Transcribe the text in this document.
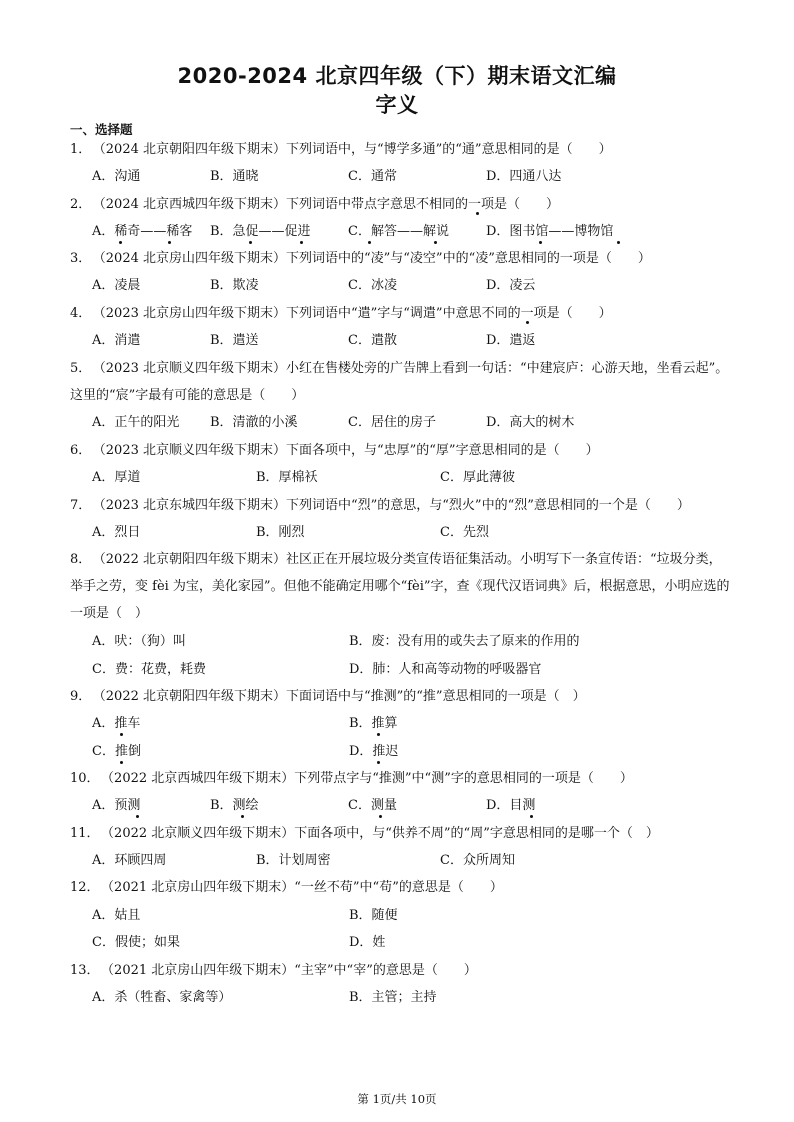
2020-2024 北京四年级（下）期末语文汇编
字义
一、选择题
1． （2024 北京朝阳四年级下期末）下列词语中，与“博学多通”的“通”意思相同的是（　　）
A．沟通	B．通晓	C．通常	D．四通八达
2． （2024 北京西城四年级下期末）下列词语中带点字意思不相同的一项是（　　）
A．稀奇——稀客 B．急促——促进	C．解答——解说	D．图书馆——博物馆
3． （2024 北京房山四年级下期末）下列词语中的“凌”与“凌空”中的“凌”意思相同的一项是（　　）
A．凌晨	B．欺凌	C．冰凌	D．凌云
4． （2023 北京房山四年级下期末）下列词语中“遣”字与“调遣”中意思不同的一项是（　　）
A．消遣	B．遣送	C．遣散	D．遣返
5． （2023 北京顺义四年级下期末）小红在售楼处旁的广告牌上看到一句话：“中建宸庐：心游天地，坐看云起”。这里的“宸”字最有可能的意思是（　　）
A．正午的阳光 B．清澈的小溪	C．居住的房子	D．高大的树木
6． （2023 北京顺义四年级下期末）下面各项中，与“忠厚”的“厚”字意思相同的是（　　）
A．厚道	B．厚棉袄	C．厚此薄彼
7． （2023 北京东城四年级下期末）下列词语中“烈”的意思，与“烈火”中的“烈”意思相同的一个是（　　）
A．烈日	B．刚烈	C．先烈
8． （2022 北京朝阳四年级下期末）社区正在开展垃圾分类宣传语征集活动。小明写下一条宣传语：“垃圾分类，举手之劳，变 fèi 为宝，美化家园”。但他不能确定用哪个“fèi”字，查《现代汉语词典》后，根据意思，小明应选的一项是（　）
A．吠：（狗）叫	B．废：没有用的或失去了原来的作用的
C．费：花费，耗费	D．肺：人和高等动物的呼吸器官
9． （2022 北京朝阳四年级下期末）下面词语中与“推测”的“推”意思相同的一项是（　）
A．推车	B．推算
C．推倒	D．推迟
10． （2022 北京西城四年级下期末）下列带点字与“推测”中“测”字的意思相同的一项是（　　）
A．预测	B．测绘	C．测量	D．目测
11． （2022 北京顺义四年级下期末）下面各项中，与“供养不周”的“周”字意思相同的是哪一个（　）
A．环顾四周	B．计划周密	C．众所周知
12． （2021 北京房山四年级下期末）“一丝不苟”中“苟”的意思是（　　）
A．姑且	B．随便
C．假使；如果	D．姓
13． （2021 北京房山四年级下期末）“主宰”中“宰”的意思是（　　）
A．杀（牲畜、家禽等）	B．主管；主持
第 1页/共 10页
